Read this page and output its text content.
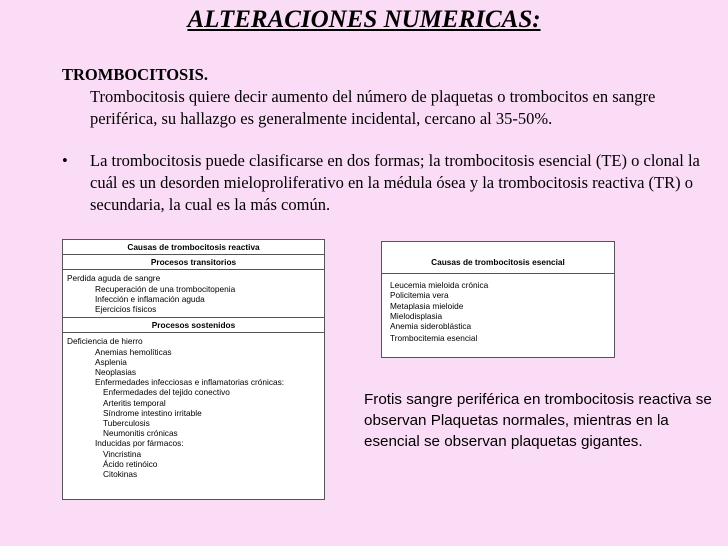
ALTERACIONES NUMERICAS:
TROMBOCITOSIS.
Trombocitosis quiere decir aumento del número de plaquetas o trombocitos en sangre periférica, su hallazgo es generalmente incidental, cercano al 35-50%.
•	La trombocitosis puede clasificarse en dos formas; la trombocitosis esencial (TE) o clonal la cuál es un desorden mieloproliferativo en la médula ósea y la trombocitosis reactiva (TR) o secundaria, la cual es la más común.
Causas de trombocitosis reactiva
Procesos transitorios
Perdida aguda de sangre
Recuperación de una trombocitopenia
Infección e inflamación aguda
Ejercicios físicos
Procesos sostenidos
Deficiencia de hierro
Anemias hemolíticas
Asplenia
Neoplasias
Enfermedades infecciosas e inflamatorias crónicas:
Enfermedades del tejido conectivo
Arteritis temporal
Síndrome intestino irritable
Tuberculosis
Neumonitis crónicas
Inducidas por fármacos:
Vincristina
Ácido retinóico
Citokinas
Causas de trombocitosis esencial
Leucemia mieloida crónica
Policitemia vera
Metaplasia mieloide
Mielodisplasia
Anemia sideroblástica
Trombocitemia esencial
Frotis sangre periférica en trombocitosis reactiva se observan Plaquetas normales, mientras en la esencial se observan plaquetas gigantes.
